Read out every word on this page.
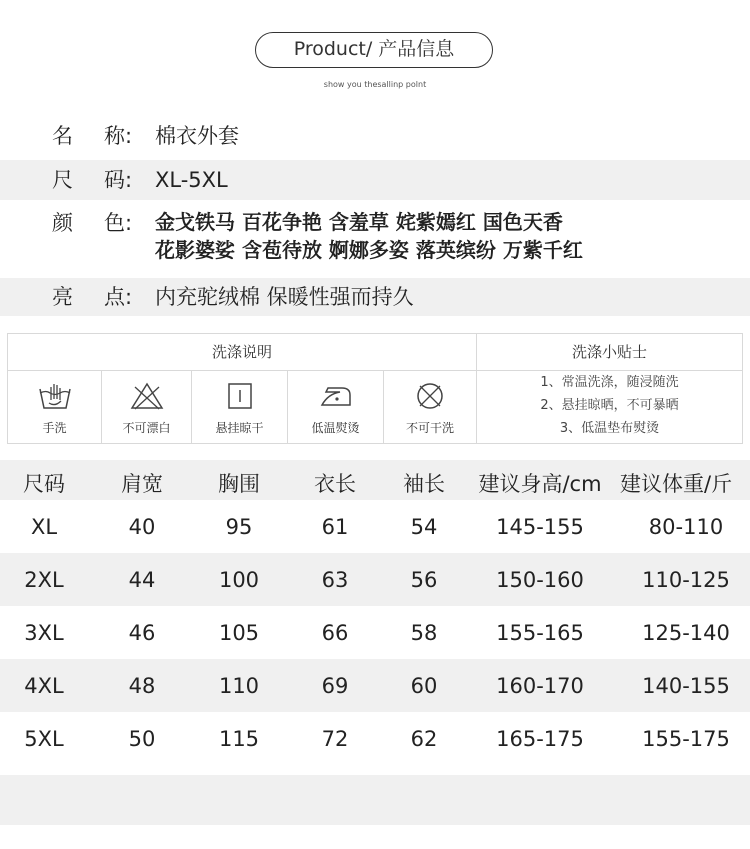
Product/ 产品信息
show you thesallinp polnt
名	称:	棉衣外套
尺	码:	XL-5XL
颜	色:	金戈铁马 百花争艳 含羞草 姹紫嫣红 国色天香
花影婆娑 含苞待放 婀娜多姿 落英缤纷 万紫千红
亮	点:	内充驼绒棉 保暖性强而持久
洗涤说明	洗涤小贴士
手洗	不可漂白	悬挂晾干	低温熨烫	不可干洗
1、常温洗涤，随浸随洗
2、悬挂晾晒，不可暴晒
3、低温垫布熨烫
尺码	肩宽	胸围	衣长	袖长	建议身高/cm 建议体重/斤
XL	40	95	61	54	145-155	80-110
2XL	44	100	63	56	150-160	110-125
3XL	46	105	66	58	155-165	125-140
4XL	48	110	69	60	160-170	140-155
5XL	50	115	72	62	165-175	155-175
